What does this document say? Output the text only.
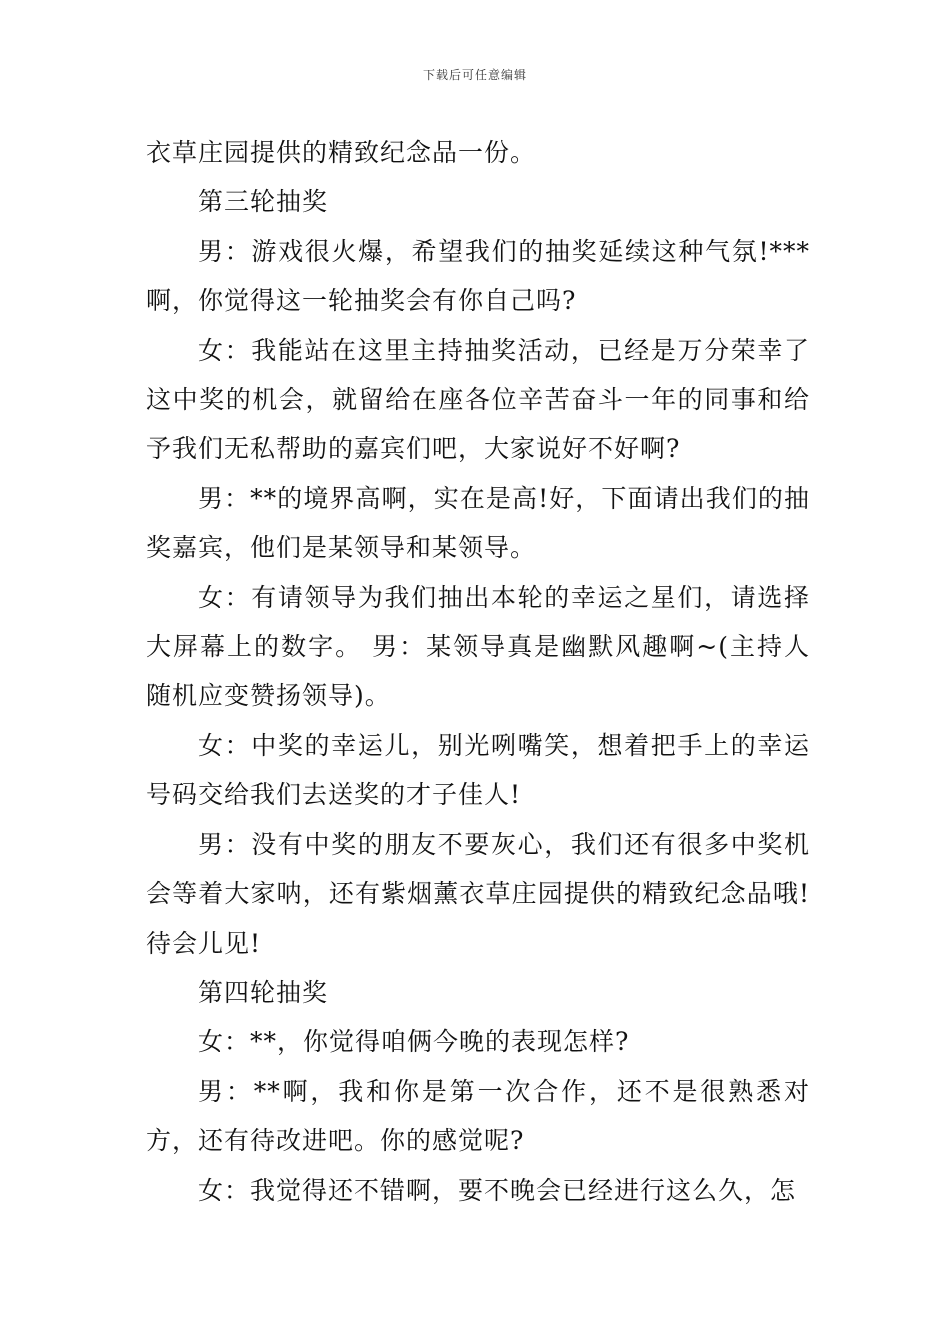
下载后可任意编辑

衣草庄园提供的精致纪念品一份。

第三轮抽奖

男：游戏很火爆，希望我们的抽奖延续这种气氛!***啊，你觉得这一轮抽奖会有你自己吗?

女：我能站在这里主持抽奖活动，已经是万分荣幸了这中奖的机会，就留给在座各位辛苦奋斗一年的同事和给予我们无私帮助的嘉宾们吧，大家说好不好啊?

男：**的境界高啊，实在是高!好，下面请出我们的抽奖嘉宾，他们是某领导和某领导。

女：有请领导为我们抽出本轮的幸运之星们，请选择大屏幕上的数字。 男：某领导真是幽默风趣啊~(主持人随机应变赞扬领导)。

女：中奖的幸运儿，别光咧嘴笑，想着把手上的幸运号码交给我们去送奖的才子佳人!

男：没有中奖的朋友不要灰心，我们还有很多中奖机会等着大家呐，还有紫烟薰衣草庄园提供的精致纪念品哦!待会儿见!

第四轮抽奖

女：**，你觉得咱俩今晚的表现怎样?

男：**啊，我和你是第一次合作，还不是很熟悉对方，还有待改进吧。你的感觉呢?

女：我觉得还不错啊，要不晚会已经进行这么久，怎
